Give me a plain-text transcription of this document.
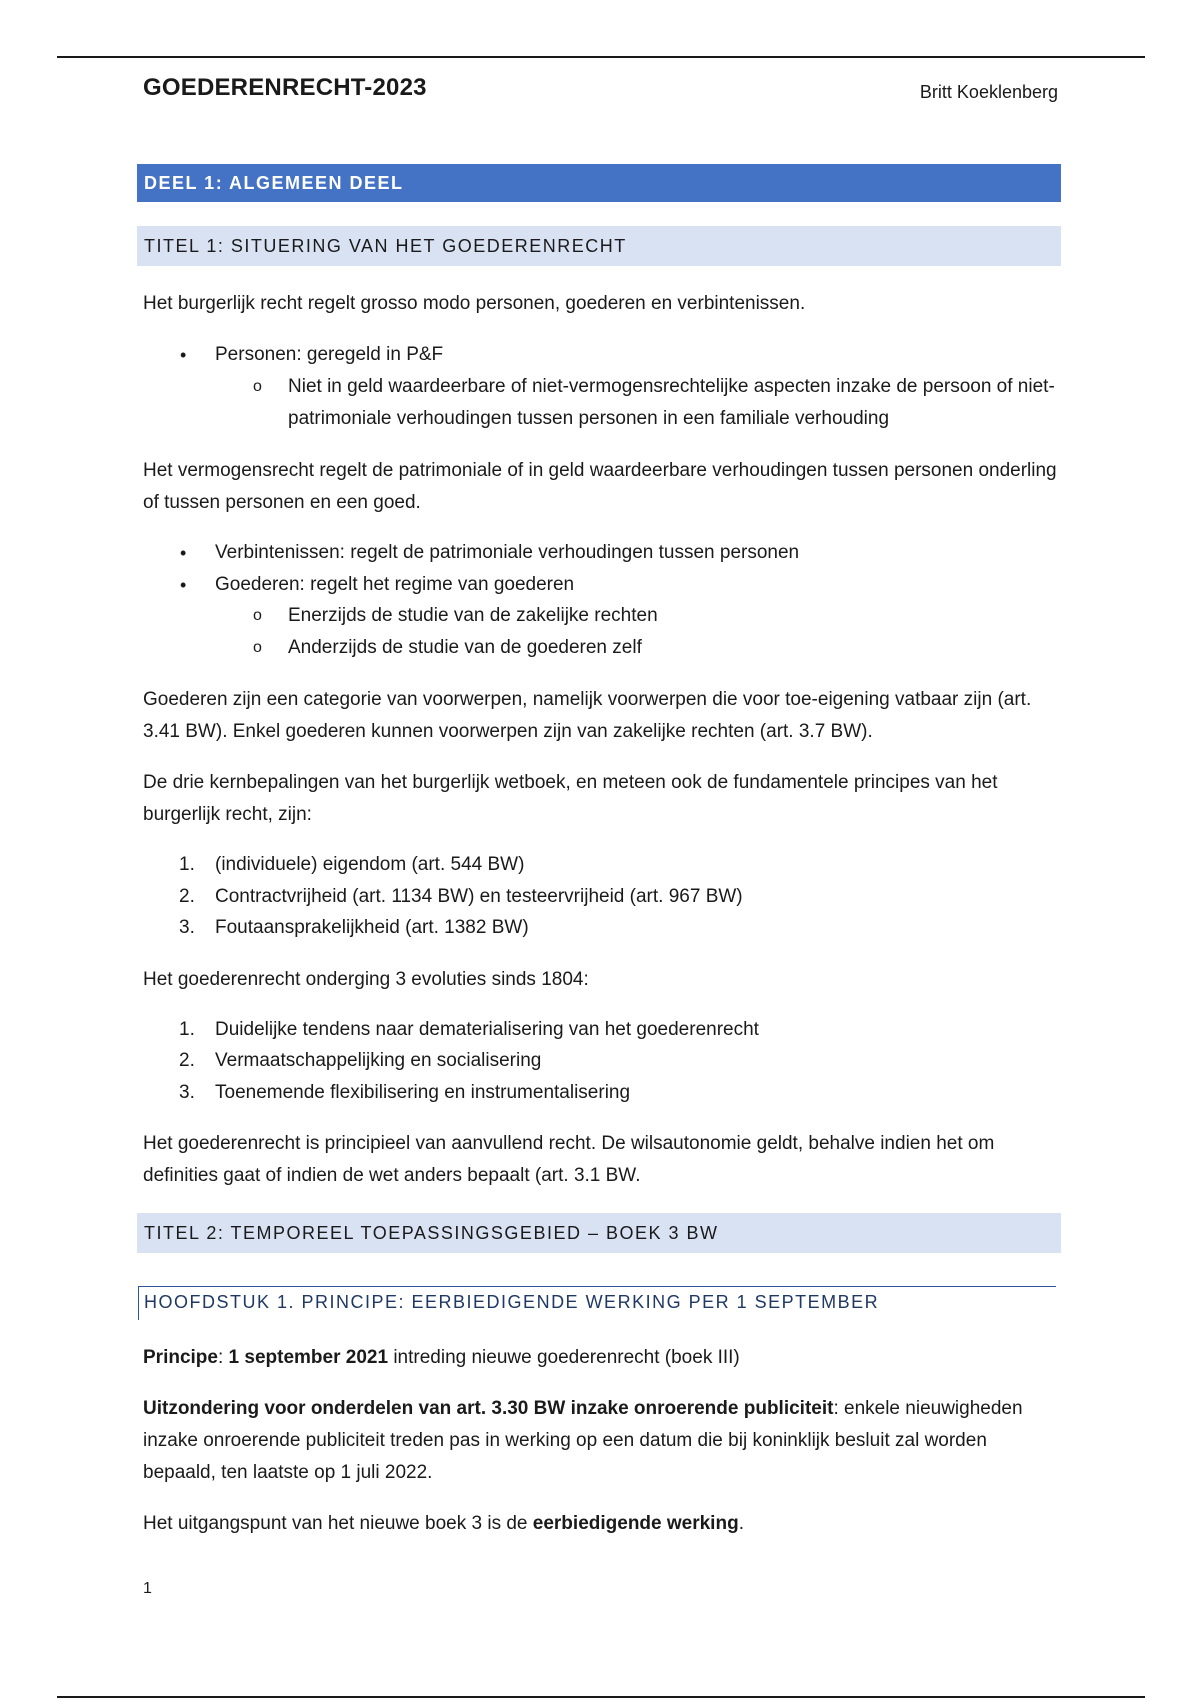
GOEDERENRECHT-2023	Britt Koeklenberg
DEEL 1: ALGEMEEN DEEL
TITEL 1: SITUERING VAN HET GOEDERENRECHT
Het burgerlijk recht regelt grosso modo personen, goederen en verbintenissen.
• Personen: geregeld in P&F
o Niet in geld waardeerbare of niet-vermogensrechtelijke aspecten inzake de persoon of niet-patrimoniale verhoudingen tussen personen in een familiale verhouding
Het vermogensrecht regelt de patrimoniale of in geld waardeerbare verhoudingen tussen personen onderling of tussen personen en een goed.
• Verbintenissen: regelt de patrimoniale verhoudingen tussen personen
• Goederen: regelt het regime van goederen
o Enerzijds de studie van de zakelijke rechten
o Anderzijds de studie van de goederen zelf
Goederen zijn een categorie van voorwerpen, namelijk voorwerpen die voor toe-eigening vatbaar zijn (art. 3.41 BW). Enkel goederen kunnen voorwerpen zijn van zakelijke rechten (art. 3.7 BW).
De drie kernbepalingen van het burgerlijk wetboek, en meteen ook de fundamentele principes van het burgerlijk recht, zijn:
1. (individuele) eigendom (art. 544 BW)
2. Contractvrijheid (art. 1134 BW) en testeervrijheid (art. 967 BW)
3. Foutaansprakelijkheid (art. 1382 BW)
Het goederenrecht onderging 3 evoluties sinds 1804:
1. Duidelijke tendens naar dematerialisering van het goederenrecht
2. Vermaatschappelijking en socialisering
3. Toenemende flexibilisering en instrumentalisering
Het goederenrecht is principieel van aanvullend recht. De wilsautonomie geldt, behalve indien het om definities gaat of indien de wet anders bepaalt (art. 3.1 BW.
TITEL 2: TEMPOREEL TOEPASSINGSGEBIED – BOEK 3 BW
HOOFDSTUK 1. PRINCIPE: EERBIEDIGENDE WERKING PER 1 SEPTEMBER
Principe: 1 september 2021 intreding nieuwe goederenrecht (boek III)
Uitzondering voor onderdelen van art. 3.30 BW inzake onroerende publiciteit: enkele nieuwigheden inzake onroerende publiciteit treden pas in werking op een datum die bij koninklijk besluit zal worden bepaald, ten laatste op 1 juli 2022.
Het uitgangspunt van het nieuwe boek 3 is de eerbiedigende werking.
1
